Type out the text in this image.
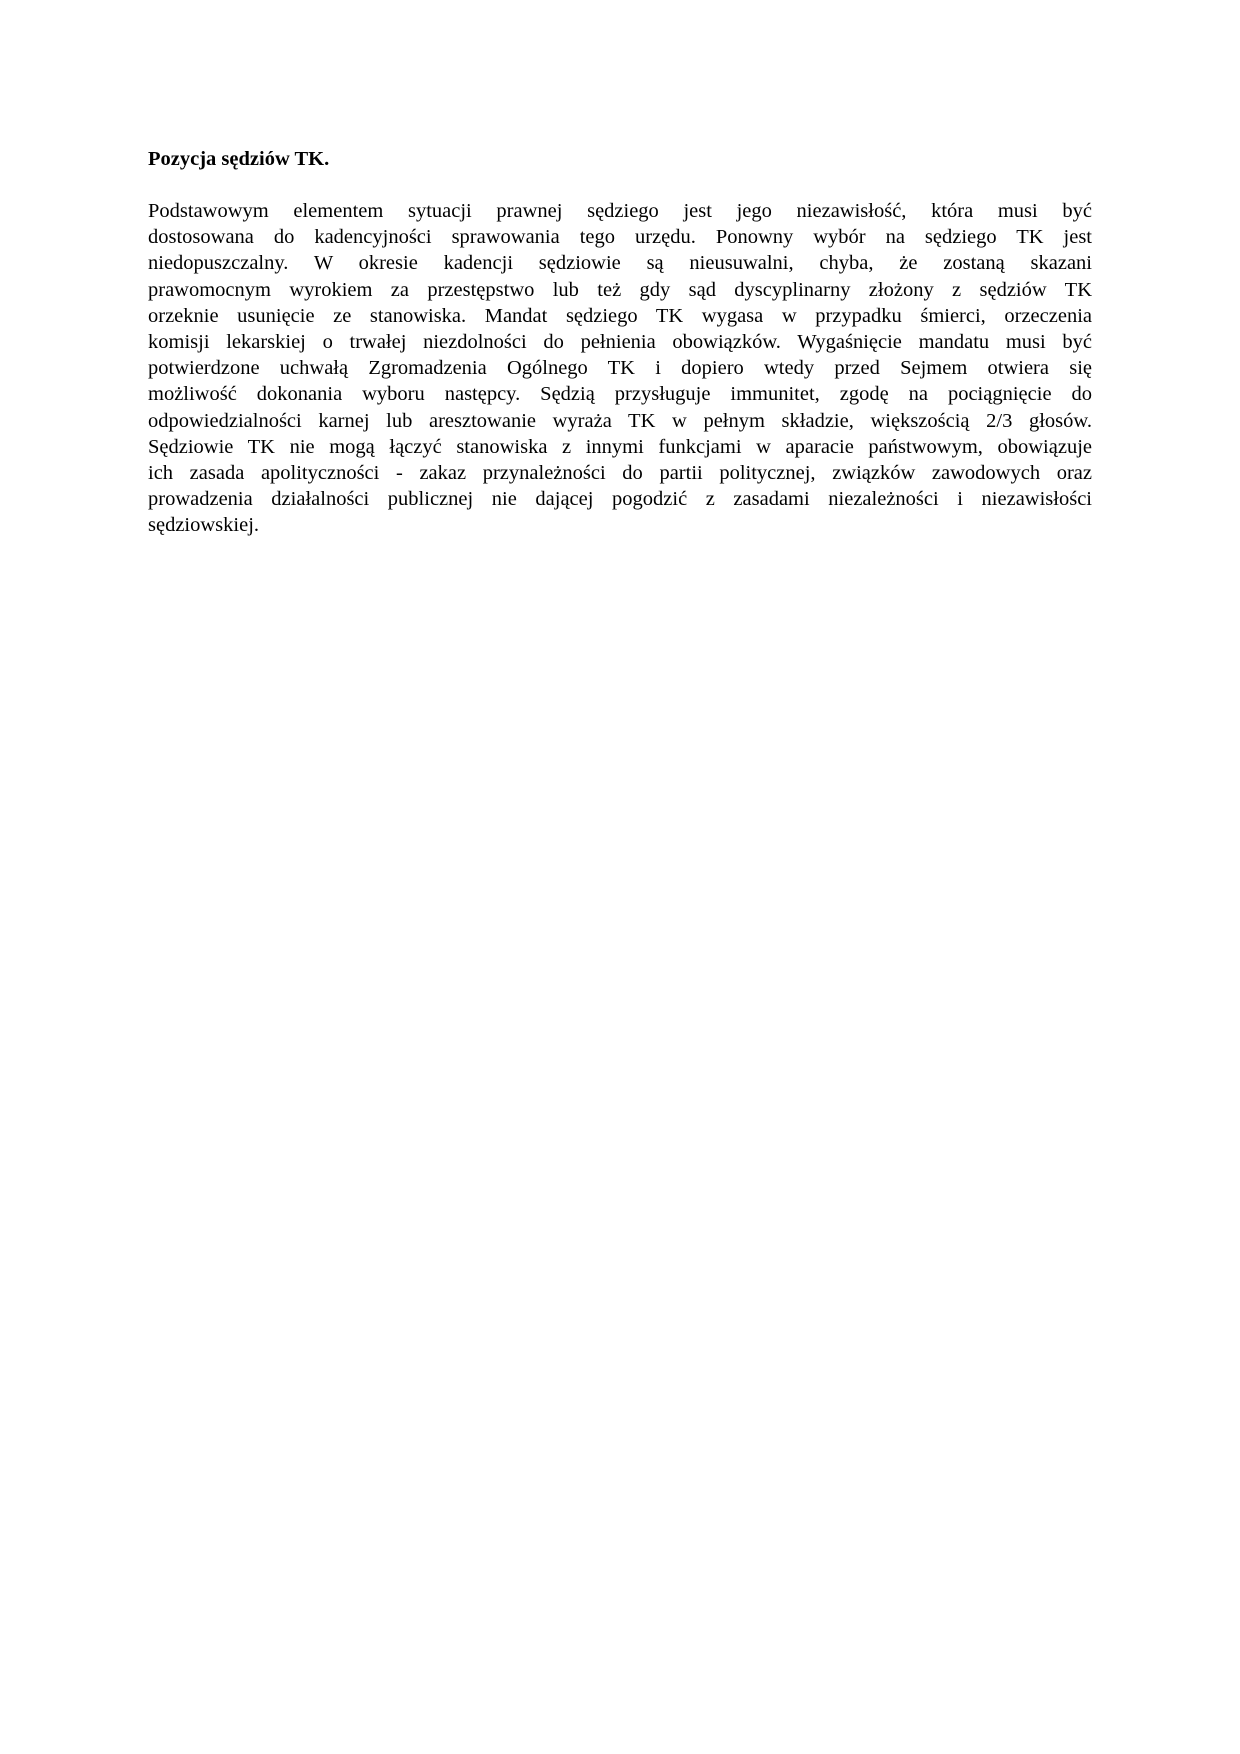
Pozycja sędziów TK.
Podstawowym elementem sytuacji prawnej sędziego jest jego niezawisłość, która musi być
dostosowana do kadencyjności sprawowania tego urzędu. Ponowny wybór na sędziego TK jest
niedopuszczalny. W okresie kadencji sędziowie są nieusuwalni, chyba, że zostaną skazani
prawomocnym wyrokiem za przestępstwo lub też gdy sąd dyscyplinarny złożony z sędziów TK
orzeknie usunięcie ze stanowiska. Mandat sędziego TK wygasa w przypadku śmierci, orzeczenia
komisji lekarskiej o trwałej niezdolności do pełnienia obowiązków. Wygaśnięcie mandatu musi być
potwierdzone uchwałą Zgromadzenia Ogólnego TK i dopiero wtedy przed Sejmem otwiera się
możliwość dokonania wyboru następcy. Sędzią przysługuje immunitet, zgodę na pociągnięcie do
odpowiedzialności karnej lub aresztowanie wyraża TK w pełnym składzie, większością 2/3 głosów.
Sędziowie TK nie mogą łączyć stanowiska z innymi funkcjami w aparacie państwowym, obowiązuje
ich zasada apolityczności - zakaz przynależności do partii politycznej, związków zawodowych oraz
prowadzenia działalności publicznej nie dającej pogodzić z zasadami niezależności i niezawisłości
sędziowskiej.
